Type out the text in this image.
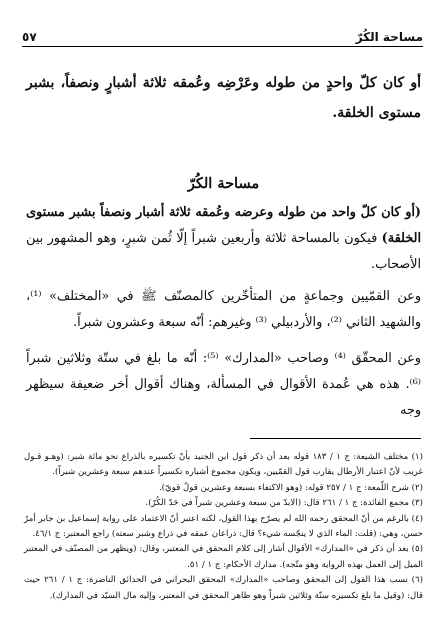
مساحة الكُرّ
٥٧
أو كان كلّ واحدٍ من طوله وعَرْضِه وعُمقه ثلاثة أشبارٍ ونصفاً، بشبر مستوى الخلقة.
مساحة الكُرّ
(أو كان كلّ واحد من طوله وعرضه وعُمقه ثلاثة أشبار ونصفاً بشبر مستوى الخلقة) فيكون بالمساحة ثلاثة وأربعين شبراً إلّا ثُمن شبرٍ، وهو المشهور بين الأصحاب.
وعن القمّيين وجماعةٍ من المتأخّرين كالمصنّف ﷺ في «المختلف» ⁽¹⁾، والشهيد الثاني ⁽²⁾، والأردبيلي ⁽³⁾ وغيرهم: أنّه سبعة وعشرون شبراً.
وعن المحقّق ⁽⁴⁾ وصاحب «المدارك» ⁽⁵⁾: أنّه ما بلغ في ستّة وثلاثين شبراً ⁽⁶⁾. هذه هي عُمدة الأقوال في المسألة، وهناك أقوال أخر ضعيفة سيظهر وجه

(١) مختلف الشيعة: ج ١ / ١٨٣ قوله بعد أن ذكر قول ابن الجنيد بأنّ تكسيره بالذراع نحو مائة شبر: (وهـو قـول غريب لأنّ اعتبار الأرطال يقارب قول القمّيين، ويكون مجموع أشباره تكسيراً عندهم سبعة وعشرين شبراً).

(٢) شرح اللّمعة: ج ١ / ٢٥٧ قوله: (وهو الاكتفاء بسبعة وعشرين قولٌ قويّ).

(٣) مجمع الفائدة: ج ١ / ٢٦١ قال: (الابدّ من سبعة وعشرين شبراً في حَدّ الكُرّ).

(٤) بالرغم من أنّ المحقق رحمه الله لم يصرّح بهذا القول، لكنه اعتبر أنّ الاعتماد على رواية إسماعيل بن جابر أمرٌ حسن، وهي: (قلت: الماء الذي لا ينجّسه شيء؟ قال: ذراعان عمقه في ذراع وشبر سعته) راجع المعتبر: ج ٤٦/١.

(٥) بعد أن ذكر في «المدارك» الأقوال أشار إلى كلام المحقق في المعتبر، وقال: (ويظهر من المصنّف في المعتبر الميل إلى العمل بهذه الرواية وهو متّجه). مدارك الأحكام: ج ١ / ٥١.

(٦) نسب هذا القول إلى المحقق وصاحب «المدارك» المحقق البحراني في الحدائق الناضرة: ج ١ / ٢٦١ حيث قال: (وقيل ما بلغ تكسيره ستّة وثلاثين شبراً وهو ظاهر المحقق في المعتبر، وإليه مال السيّد في المدارك).
